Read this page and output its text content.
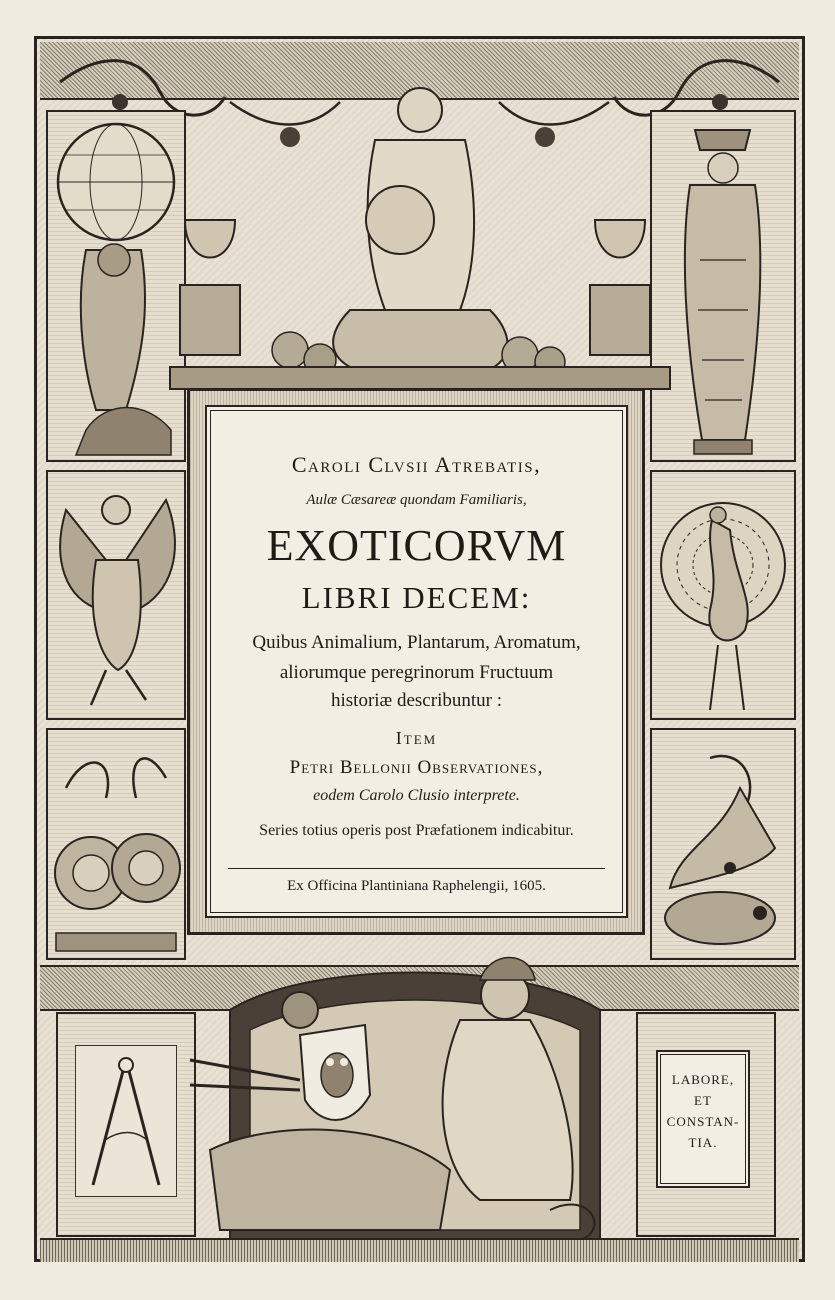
LABORE,
ET
CONSTAN-
TIA.
Caroli Clvsii Atrebatis,
Aulæ Cæsareæ quondam Familiaris,
EXOTICORVM
LIBRI DECEM:
Quibus Animalium, Plantarum, Aromatum,
aliorumque peregrinorum Fructuum
historiæ describuntur :
Item
Petri Bellonii Observationes,
eodem Carolo Clusio interprete.
Series totius operis post Præfationem indicabitur.
Ex Officina Plantiniana Raphelengii, 1605.
